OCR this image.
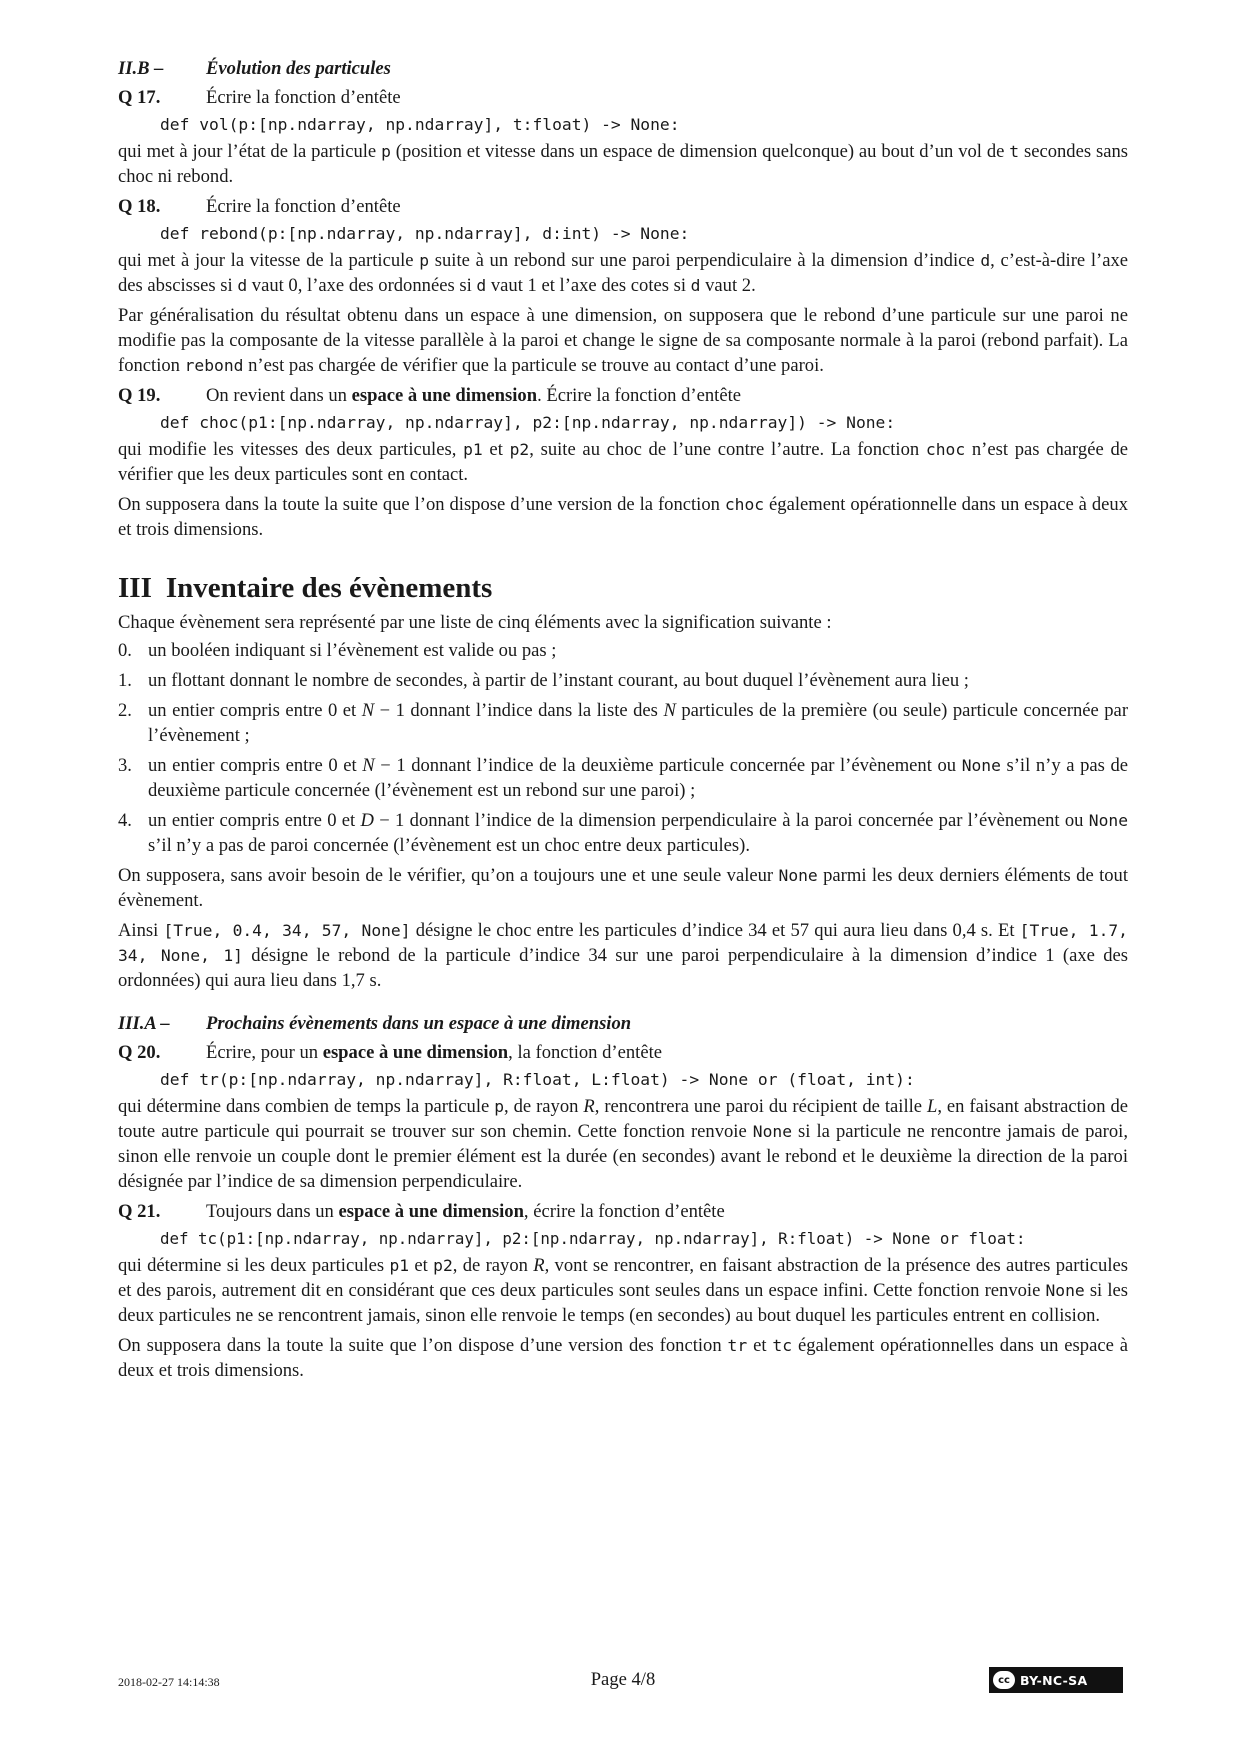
II.B – Évolution des particules
Q 17. Écrire la fonction d’entête
def vol(p:[np.ndarray, np.ndarray], t:float) -> None:

qui met à jour l’état de la particule p (position et vitesse dans un espace de dimension quelconque) au bout d’un vol de t secondes sans choc ni rebond.

Q 18. Écrire la fonction d’entête
def rebond(p:[np.ndarray, np.ndarray], d:int) -> None:

qui met à jour la vitesse de la particule p suite à un rebond sur une paroi perpendiculaire à la dimension d’indice d, c’est-à-dire l’axe des abscisses si d vaut 0, l’axe des ordonnées si d vaut 1 et l’axe des cotes si d vaut 2.

Par généralisation du résultat obtenu dans un espace à une dimension, on supposera que le rebond d’une particule sur une paroi ne modifie pas la composante de la vitesse parallèle à la paroi et change le signe de sa composante normale à la paroi (rebond parfait). La fonction rebond n’est pas chargée de vérifier que la particule se trouve au contact d’une paroi.

Q 19. On revient dans un espace à une dimension. Écrire la fonction d’entête
def choc(p1:[np.ndarray, np.ndarray], p2:[np.ndarray, np.ndarray]) -> None:

qui modifie les vitesses des deux particules, p1 et p2, suite au choc de l’une contre l’autre. La fonction choc n’est pas chargée de vérifier que les deux particules sont en contact.

On supposera dans la toute la suite que l’on dispose d’une version de la fonction choc également opérationnelle dans un espace à deux et trois dimensions.

III Inventaire des évènements

Chaque évènement sera représenté par une liste de cinq éléments avec la signification suivante :

0. un booléen indiquant si l’évènement est valide ou pas ;
1. un flottant donnant le nombre de secondes, à partir de l’instant courant, au bout duquel l’évènement aura lieu ;
2. un entier compris entre 0 et N − 1 donnant l’indice dans la liste des N particules de la première (ou seule) particule concernée par l’évènement ;
3. un entier compris entre 0 et N − 1 donnant l’indice de la deuxième particule concernée par l’évènement ou None s’il n’y a pas de deuxième particule concernée (l’évènement est un rebond sur une paroi) ;
4. un entier compris entre 0 et D − 1 donnant l’indice de la dimension perpendiculaire à la paroi concernée par l’évènement ou None s’il n’y a pas de paroi concernée (l’évènement est un choc entre deux particules).

On supposera, sans avoir besoin de le vérifier, qu’on a toujours une et une seule valeur None parmi les deux derniers éléments de tout évènement.

Ainsi [True, 0.4, 34, 57, None] désigne le choc entre les particules d’indice 34 et 57 qui aura lieu dans 0,4 s. Et [True, 1.7, 34, None, 1] désigne le rebond de la particule d’indice 34 sur une paroi perpendiculaire à la dimension d’indice 1 (axe des ordonnées) qui aura lieu dans 1,7 s.

III.A – Prochains évènements dans un espace à une dimension
Q 20. Écrire, pour un espace à une dimension, la fonction d’entête
def tr(p:[np.ndarray, np.ndarray], R:float, L:float) -> None or (float, int):

qui détermine dans combien de temps la particule p, de rayon R, rencontrera une paroi du récipient de taille L, en faisant abstraction de toute autre particule qui pourrait se trouver sur son chemin. Cette fonction renvoie None si la particule ne rencontre jamais de paroi, sinon elle renvoie un couple dont le premier élément est la durée (en secondes) avant le rebond et le deuxième la direction de la paroi désignée par l’indice de sa dimension perpendiculaire.

Q 21. Toujours dans un espace à une dimension, écrire la fonction d’entête
def tc(p1:[np.ndarray, np.ndarray], p2:[np.ndarray, np.ndarray], R:float) -> None or float:

qui détermine si les deux particules p1 et p2, de rayon R, vont se rencontrer, en faisant abstraction de la présence des autres particules et des parois, autrement dit en considérant que ces deux particules sont seules dans un espace infini. Cette fonction renvoie None si les deux particules ne se rencontrent jamais, sinon elle renvoie le temps (en secondes) au bout duquel les particules entrent en collision.

On supposera dans la toute la suite que l’on dispose d’une version des fonction tr et tc également opérationnelles dans un espace à deux et trois dimensions.

2018-02-27 14:14:38	Page 4/8	cc BY-NC-SA
